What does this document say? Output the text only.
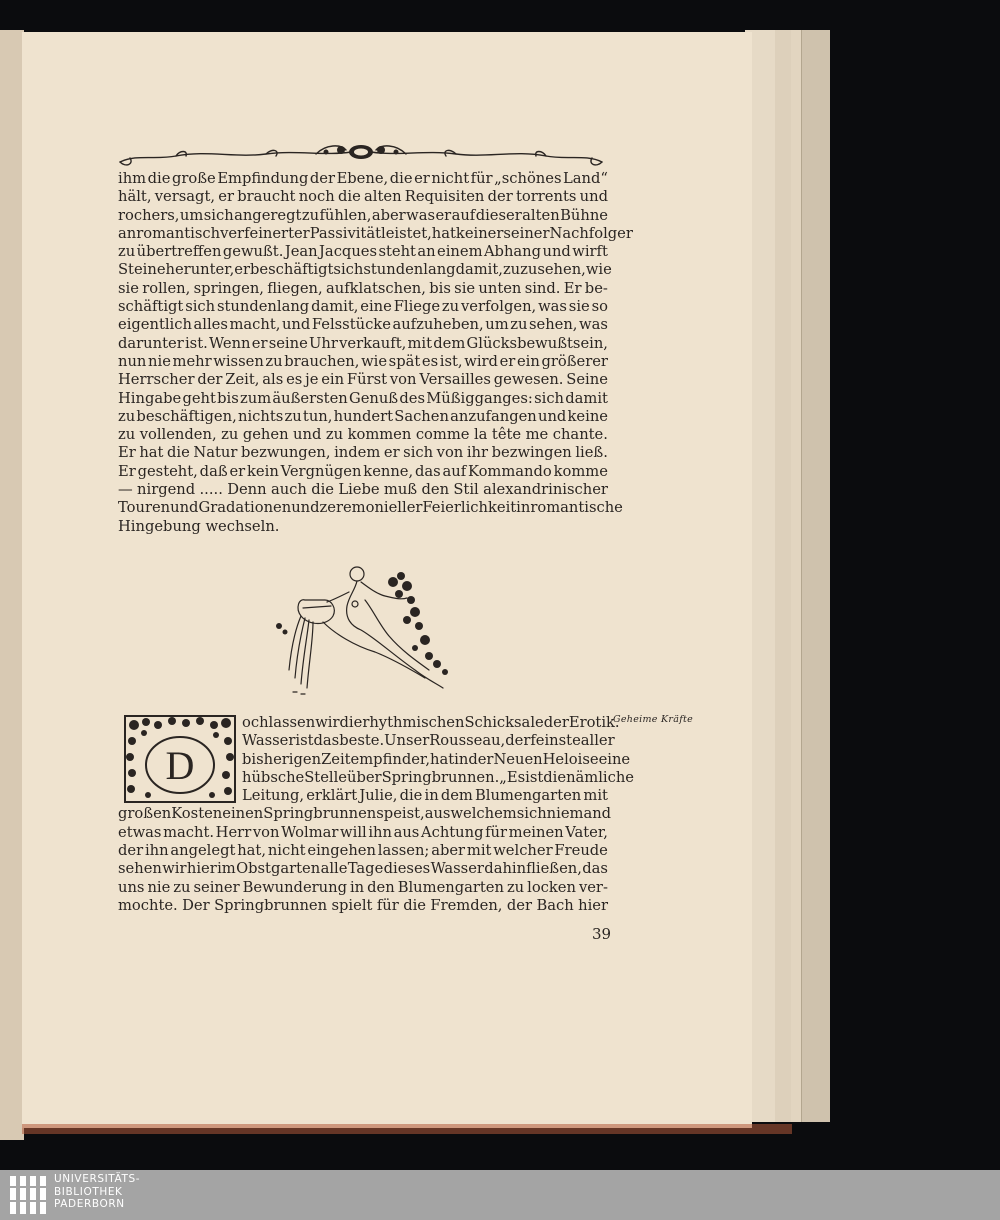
ihm die große Empfindung der Ebene, die er nicht für „schönes Land“
hält, versagt, er braucht noch die alten Requisiten der torrents und
rochers, um sich angeregt zu fühlen, aber was er auf dieser alten Bühne
an romantisch verfeinerter Passivität leistet, hat keiner seiner Nachfolger
zu übertreffen gewußt. Jean Jacques steht an einem Abhang und wirft
Steine herunter, er beschäftigt sich stundenlang damit, zuzusehen, wie
sie rollen, springen, fliegen, aufklatschen, bis sie unten sind. Er be-
schäftigt sich stundenlang damit, eine Fliege zu verfolgen, was sie so
eigentlich alles macht, und Felsstücke aufzuheben, um zu sehen, was
darunter ist. Wenn er seine Uhr verkauft, mit dem Glücksbewußtsein,
nun nie mehr wissen zu brauchen, wie spät es ist, wird er ein größerer
Herrscher der Zeit, als es je ein Fürst von Versailles gewesen. Seine
Hingabe geht bis zum äußersten Genuß des Müßigganges: sich damit
zu beschäftigen, nichts zu tun, hundert Sachen anzufangen und keine
zu vollenden, zu gehen und zu kommen comme la tête me chante.
Er hat die Natur bezwungen, indem er sich von ihr bezwingen ließ.
Er gesteht, daß er kein Vergnügen kenne, das auf Kommando komme
— nirgend ..... Denn auch die Liebe muß den Stil alexandrinischer
Touren und Gradationen und zeremonieller Feierlichkeit in romantische
Hingebung wechseln.
D
och lassen wir die rhythmischen Schicksale der Erotik.
Wasser ist das beste. Unser Rousseau, der feinste aller
bisherigen Zeitempfinder, hat in der Neuen Heloise eine
hübsche Stelle über Springbrunnen. „Es ist die nämliche
Leitung, erklärt Julie, die in dem Blumengarten mit
großen Kosten einen Springbrunnen speist, aus welchem sich niemand
etwas macht. Herr von Wolmar will ihn aus Achtung für meinen Vater,
der ihn angelegt hat, nicht eingehen lassen; aber mit welcher Freude
sehen wir hier im Obstgarten alle Tage dieses Wasser dahinfließen, das
uns nie zu seiner Bewunderung in den Blumengarten zu locken ver-
mochte. Der Springbrunnen spielt für die Fremden, der Bach hier
Geheime Kräfte
39
UNIVERSITÄTS-
BIBLIOTHEK
PADERBORN
